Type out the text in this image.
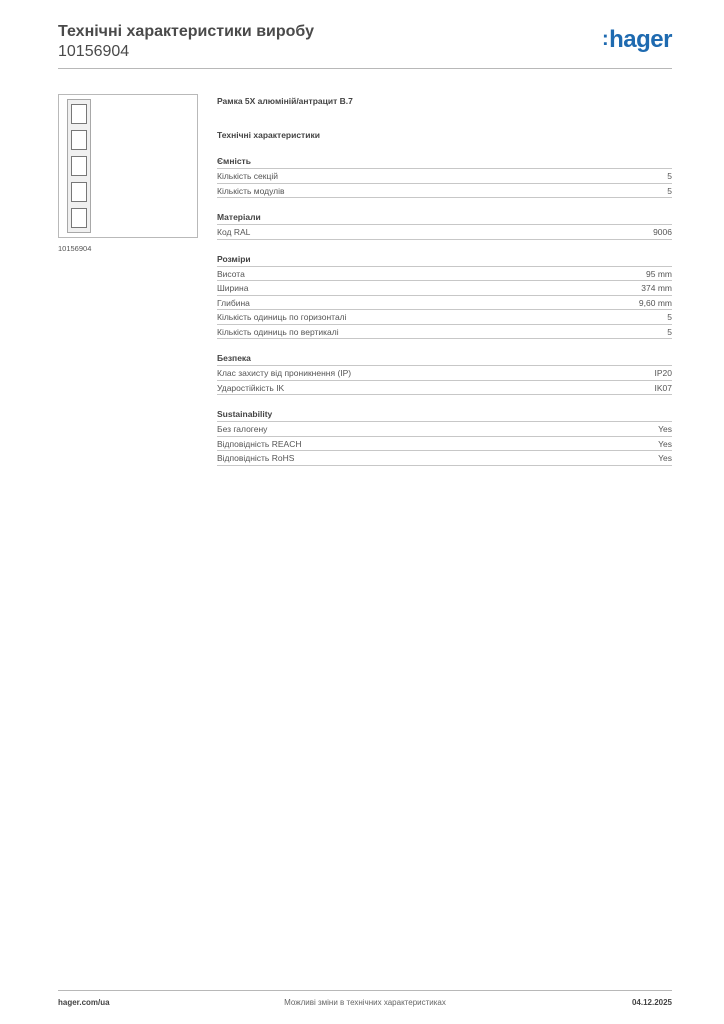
Технічні характеристики виробу
10156904
:hager
10156904
Рамка 5X алюміній/антрацит B.7
Технічні характеристики
Ємність
Кількість секцій	5
Кількість модулів	5
Матеріали
Код RAL	9006
Розміри
Висота	95 mm
Ширина	374 mm
Глибина	9,60 mm
Кількість одиниць по горизонталі	5
Кількість одиниць по вертикалі	5
Безпека
Клас захисту від проникнення (IP)	IP20
Ударостійкість IK	IK07
Sustainability
Без галогену	Yes
Відповідність REACH	Yes
Відповідність RoHS	Yes
hager.com/ua	Можливі зміни в технічних характеристиках	04.12.2025
